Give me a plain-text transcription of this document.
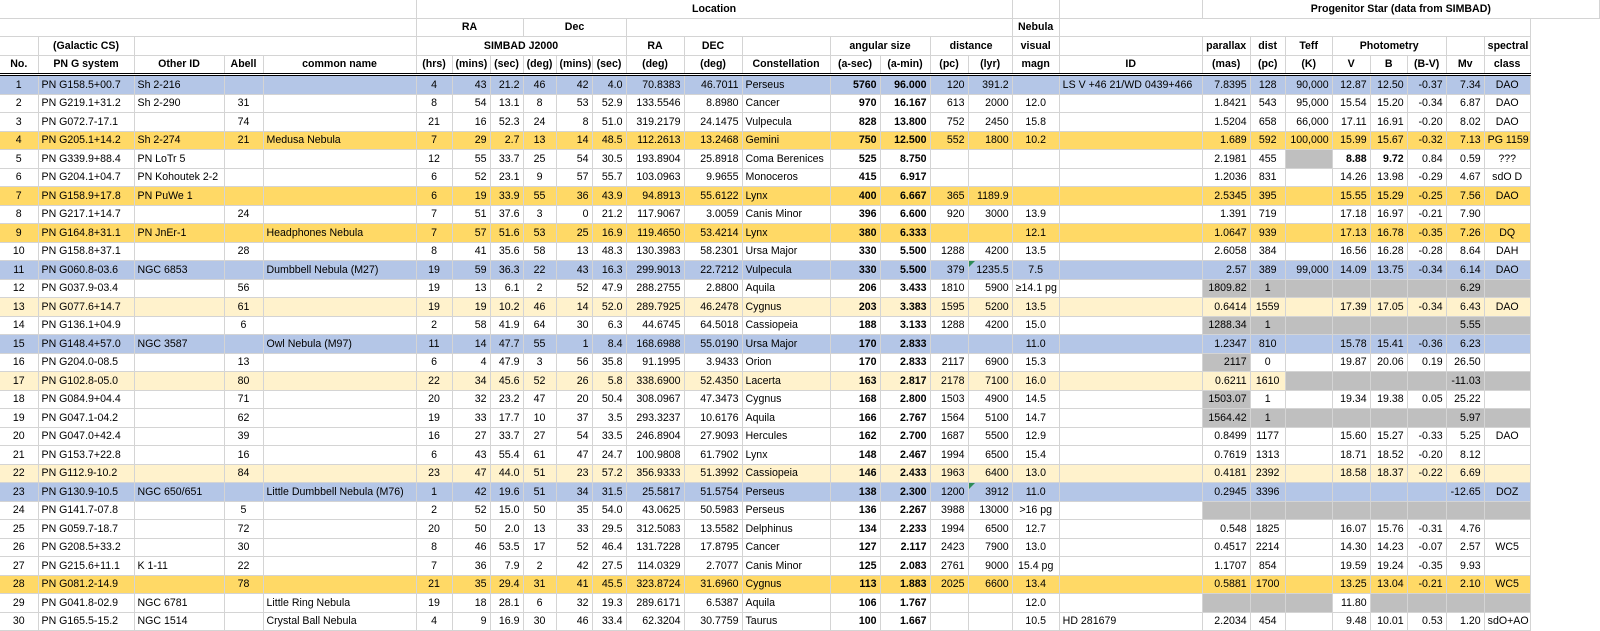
					Location															Progenitor Star (data from SIMBAD)							
					RA			Dec										Nebula									
	(Galactic CS)				SIMBAD J2000						RA	DEC		angular size		distance		visual		parallax	dist	Teff	Photometry				spectral
No.	PN G system	Other ID	Abell	common name	(hrs)	(mins)	(sec)	(deg)	(mins)	(sec)	(deg)	(deg)	Constellation	(a-sec)	(a-min)	(pc)	(lyr)	magn	ID	(mas)	(pc)	(K)	V	B	(B-V)	Mv	class
1	PN G158.5+00.7	Sh 2-216			4	43	21.2	46	42	4.0	70.8383	46.7011	Perseus	5760	96.000	120	391.2		LS V +46 21/WD 0439+466	7.8395	128	90,000	12.87	12.50	-0.37	7.34	DAO
2	PN G219.1+31.2	Sh 2-290	31		8	54	13.1	8	53	52.9	133.5546	8.8980	Cancer	970	16.167	613	2000	12.0		1.8421	543	95,000	15.54	15.20	-0.34	6.87	DAO
3	PN G072.7-17.1		74		21	16	52.3	24	8	51.0	319.2179	24.1475	Vulpecula	828	13.800	752	2450	15.8		1.5204	658	66,000	17.11	16.91	-0.20	8.02	DAO
4	PN G205.1+14.2	Sh 2-274	21	Medusa Nebula	7	29	2.7	13	14	48.5	112.2613	13.2468	Gemini	750	12.500	552	1800	10.2		1.689	592	100,000	15.99	15.67	-0.32	7.13	PG 1159
5	PN G339.9+88.4	PN LoTr 5			12	55	33.7	25	54	30.5	193.8904	25.8918	Coma Berenices	525	8.750					2.1981	455		8.88	9.72	0.84	0.59	???
6	PN G204.1+04.7	PN Kohoutek 2-2			6	52	23.1	9	57	55.7	103.0963	9.9655	Monoceros	415	6.917					1.2036	831		14.26	13.98	-0.29	4.67	sdO D
7	PN G158.9+17.8	PN PuWe 1			6	19	33.9	55	36	43.9	94.8913	55.6122	Lynx	400	6.667	365	1189.9			2.5345	395		15.55	15.29	-0.25	7.56	DAO
8	PN G217.1+14.7		24		7	51	37.6	3	0	21.2	117.9067	3.0059	Canis Minor	396	6.600	920	3000	13.9		1.391	719		17.18	16.97	-0.21	7.90	
9	PN G164.8+31.1	PN JnEr-1		Headphones Nebula	7	57	51.6	53	25	16.9	119.4650	53.4214	Lynx	380	6.333			12.1		1.0647	939		17.13	16.78	-0.35	7.26	DQ
10	PN G158.8+37.1		28		8	41	35.6	58	13	48.3	130.3983	58.2301	Ursa Major	330	5.500	1288	4200	13.5		2.6058	384		16.56	16.28	-0.28	8.64	DAH
11	PN G060.8-03.6	NGC 6853		Dumbbell Nebula (M27)	19	59	36.3	22	43	16.3	299.9013	22.7212	Vulpecula	330	5.500	379	1235.5	7.5		2.57	389	99,000	14.09	13.75	-0.34	6.14	DAO
12	PN G037.9-03.4		56		19	13	6.1	2	52	47.9	288.2755	2.8800	Aquila	206	3.433	1810	5900	≥14.1 pg		1809.82	1					6.29	
13	PN G077.6+14.7		61		19	19	10.2	46	14	52.0	289.7925	46.2478	Cygnus	203	3.383	1595	5200	13.5		0.6414	1559		17.39	17.05	-0.34	6.43	DAO
14	PN G136.1+04.9		6		2	58	41.9	64	30	6.3	44.6745	64.5018	Cassiopeia	188	3.133	1288	4200	15.0		1288.34	1					5.55	
15	PN G148.4+57.0	NGC 3587		Owl Nebula (M97)	11	14	47.7	55	1	8.4	168.6988	55.0190	Ursa Major	170	2.833			11.0		1.2347	810		15.78	15.41	-0.36	6.23	
16	PN G204.0-08.5		13		6	4	47.9	3	56	35.8	91.1995	3.9433	Orion	170	2.833	2117	6900	15.3		2117	0		19.87	20.06	0.19	26.50	
17	PN G102.8-05.0		80		22	34	45.6	52	26	5.8	338.6900	52.4350	Lacerta	163	2.817	2178	7100	16.0		0.6211	1610					-11.03	
18	PN G084.9+04.4		71		20	32	23.2	47	20	50.4	308.0967	47.3473	Cygnus	168	2.800	1503	4900	14.5		1503.07	1		19.34	19.38	0.05	25.22	
19	PN G047.1-04.2		62		19	33	17.7	10	37	3.5	293.3237	10.6176	Aquila	166	2.767	1564	5100	14.7		1564.42	1					5.97	
20	PN G047.0+42.4		39		16	27	33.7	27	54	33.5	246.8904	27.9093	Hercules	162	2.700	1687	5500	12.9		0.8499	1177		15.60	15.27	-0.33	5.25	DAO
21	PN G153.7+22.8		16		6	43	55.4	61	47	24.7	100.9808	61.7902	Lynx	148	2.467	1994	6500	15.4		0.7619	1313		18.71	18.52	-0.20	8.12	
22	PN G112.9-10.2		84		23	47	44.0	51	23	57.2	356.9333	51.3992	Cassiopeia	146	2.433	1963	6400	13.0		0.4181	2392		18.58	18.37	-0.22	6.69	
23	PN G130.9-10.5	NGC 650/651		Little Dumbbell Nebula (M76)	1	42	19.6	51	34	31.5	25.5817	51.5754	Perseus	138	2.300	1200	3912	11.0		0.2945	3396					-12.65	DOZ
24	PN G141.7-07.8		5		2	52	15.0	50	35	54.0	43.0625	50.5983	Perseus	136	2.267	3988	13000	>16 pg									
25	PN G059.7-18.7		72		20	50	2.0	13	33	29.5	312.5083	13.5582	Delphinus	134	2.233	1994	6500	12.7		0.548	1825		16.07	15.76	-0.31	4.76	
26	PN G208.5+33.2		30		8	46	53.5	17	52	46.4	131.7228	17.8795	Cancer	127	2.117	2423	7900	13.0		0.4517	2214		14.30	14.23	-0.07	2.57	WC5
27	PN G215.6+11.1	K 1-11	22		7	36	7.9	2	42	27.5	114.0329	2.7077	Canis Minor	125	2.083	2761	9000	15.4 pg		1.1707	854		19.59	19.24	-0.35	9.93	
28	PN G081.2-14.9		78		21	35	29.4	31	41	45.5	323.8724	31.6960	Cygnus	113	1.883	2025	6600	13.4		0.5881	1700		13.25	13.04	-0.21	2.10	WC5
29	PN G041.8-02.9	NGC 6781		Little Ring Nebula	19	18	28.1	6	32	19.3	289.6171	6.5387	Aquila	106	1.767			12.0					11.80				
30	PN G165.5-15.2	NGC 1514		Crystal Ball Nebula	4	9	16.9	30	46	33.4	62.3204	30.7759	Taurus	100	1.667			10.5	HD 281679	2.2034	454		9.48	10.01	0.53	1.20	sdO+AO
